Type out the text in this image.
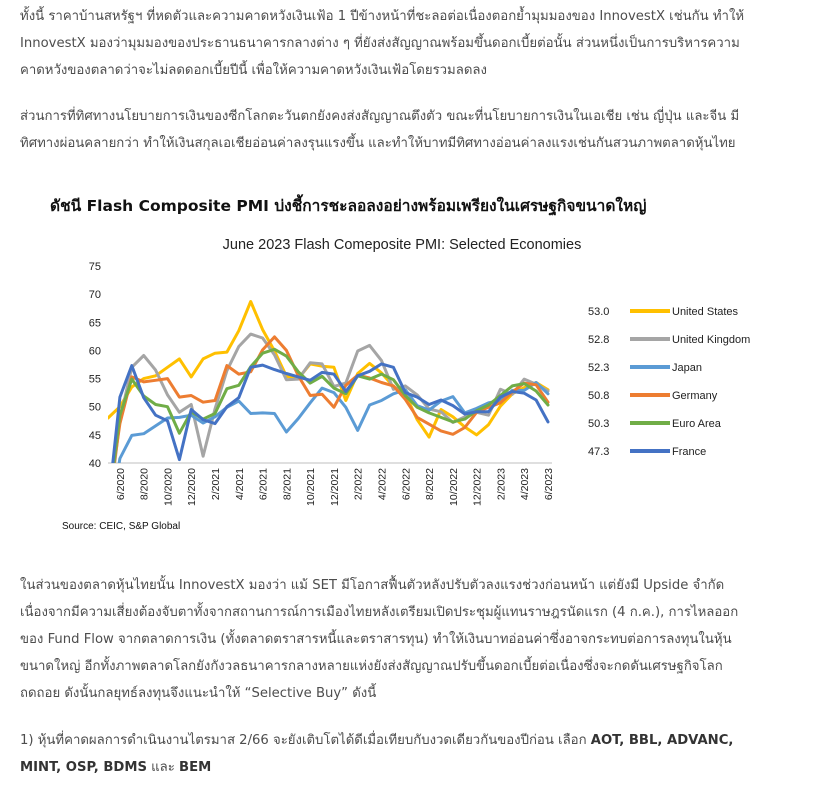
ทั้งนี้ ราคาบ้านสหรัฐฯ ที่หดตัวและความคาดหวังเงินเฟ้อ 1 ปีข้างหน้าที่ชะลอต่อเนื่องตอกย้ำมุมมองของ InnovestX เช่นกัน ทำให้
InnovestX มองว่ามุมมองของประธานธนาคารกลางต่าง ๆ ที่ยังส่งสัญญาณพร้อมขึ้นดอกเบี้ยต่อนั้น ส่วนหนึ่งเป็นการบริหารความ
คาดหวังของตลาดว่าจะไม่ลดดอกเบี้ยปีนี้ เพื่อให้ความคาดหวังเงินเฟ้อโดยรวมลดลง
ส่วนการที่ทิศทางนโยบายการเงินของซีกโลกตะวันตกยังคงส่งสัญญาณตึงตัว ขณะที่นโยบายการเงินในเอเชีย เช่น ญี่ปุ่น และจีน มี
ทิศทางผ่อนคลายกว่า ทำให้เงินสกุลเอเชียอ่อนค่าลงรุนแรงขึ้น และทำให้บาทมีทิศทางอ่อนค่าลงแรงเช่นกันสวนภาพตลาดหุ้นไทย
ดัชนี Flash Composite PMI บ่งชี้การชะลอลงอย่างพร้อมเพรียงในเศรษฐกิจขนาดใหญ่
June 2023 Flash Comeposite PMI: Selected Economies
40
45
50
55
60
65
70
75
6/2020 8/2020 10/2020 12/2020 2/2021 4/2021 6/2021 8/2021 10/2021 12/2021 2/2022 4/2022 6/2022 8/2022 10/2022 12/2022 2/2023 4/2023 6/2023
53.0	United States
52.8	United Kingdom
52.3	Japan
50.8	Germany
50.3	Euro Area
47.3	France
Source: CEIC, S&P Global
ในส่วนของตลาดหุ้นไทยนั้น InnovestX มองว่า แม้ SET มีโอกาสฟื้นตัวหลังปรับตัวลงแรงช่วงก่อนหน้า แต่ยังมี Upside จำกัด
เนื่องจากมีความเสี่ยงต้องจับตาทั้งจากสถานการณ์การเมืองไทยหลังเตรียมเปิดประชุมผู้แทนราษฎรนัดแรก (4 ก.ค.), การไหลออก
ของ Fund Flow จากตลาดการเงิน (ทั้งตลาดตราสารหนี้และตราสารทุน) ทำให้เงินบาทอ่อนค่าซึ่งอาจกระทบต่อการลงทุนในหุ้น
ขนาดใหญ่ อีกทั้งภาพตลาดโลกยังกังวลธนาคารกลางหลายแห่งยังส่งสัญญาณปรับขึ้นดอกเบี้ยต่อเนื่องซึ่งจะกดดันเศรษฐกิจโลก
ถดถอย ดังนั้นกลยุทธ์ลงทุนจึงแนะนำให้ “Selective Buy” ดังนี้
1) หุ้นที่คาดผลการดำเนินงานไตรมาส 2/66 จะยังเติบโตได้ดีเมื่อเทียบกับงวดเดียวกันของปีก่อน เลือก AOT, BBL, ADVANC,
MINT, OSP, BDMS และ BEM
